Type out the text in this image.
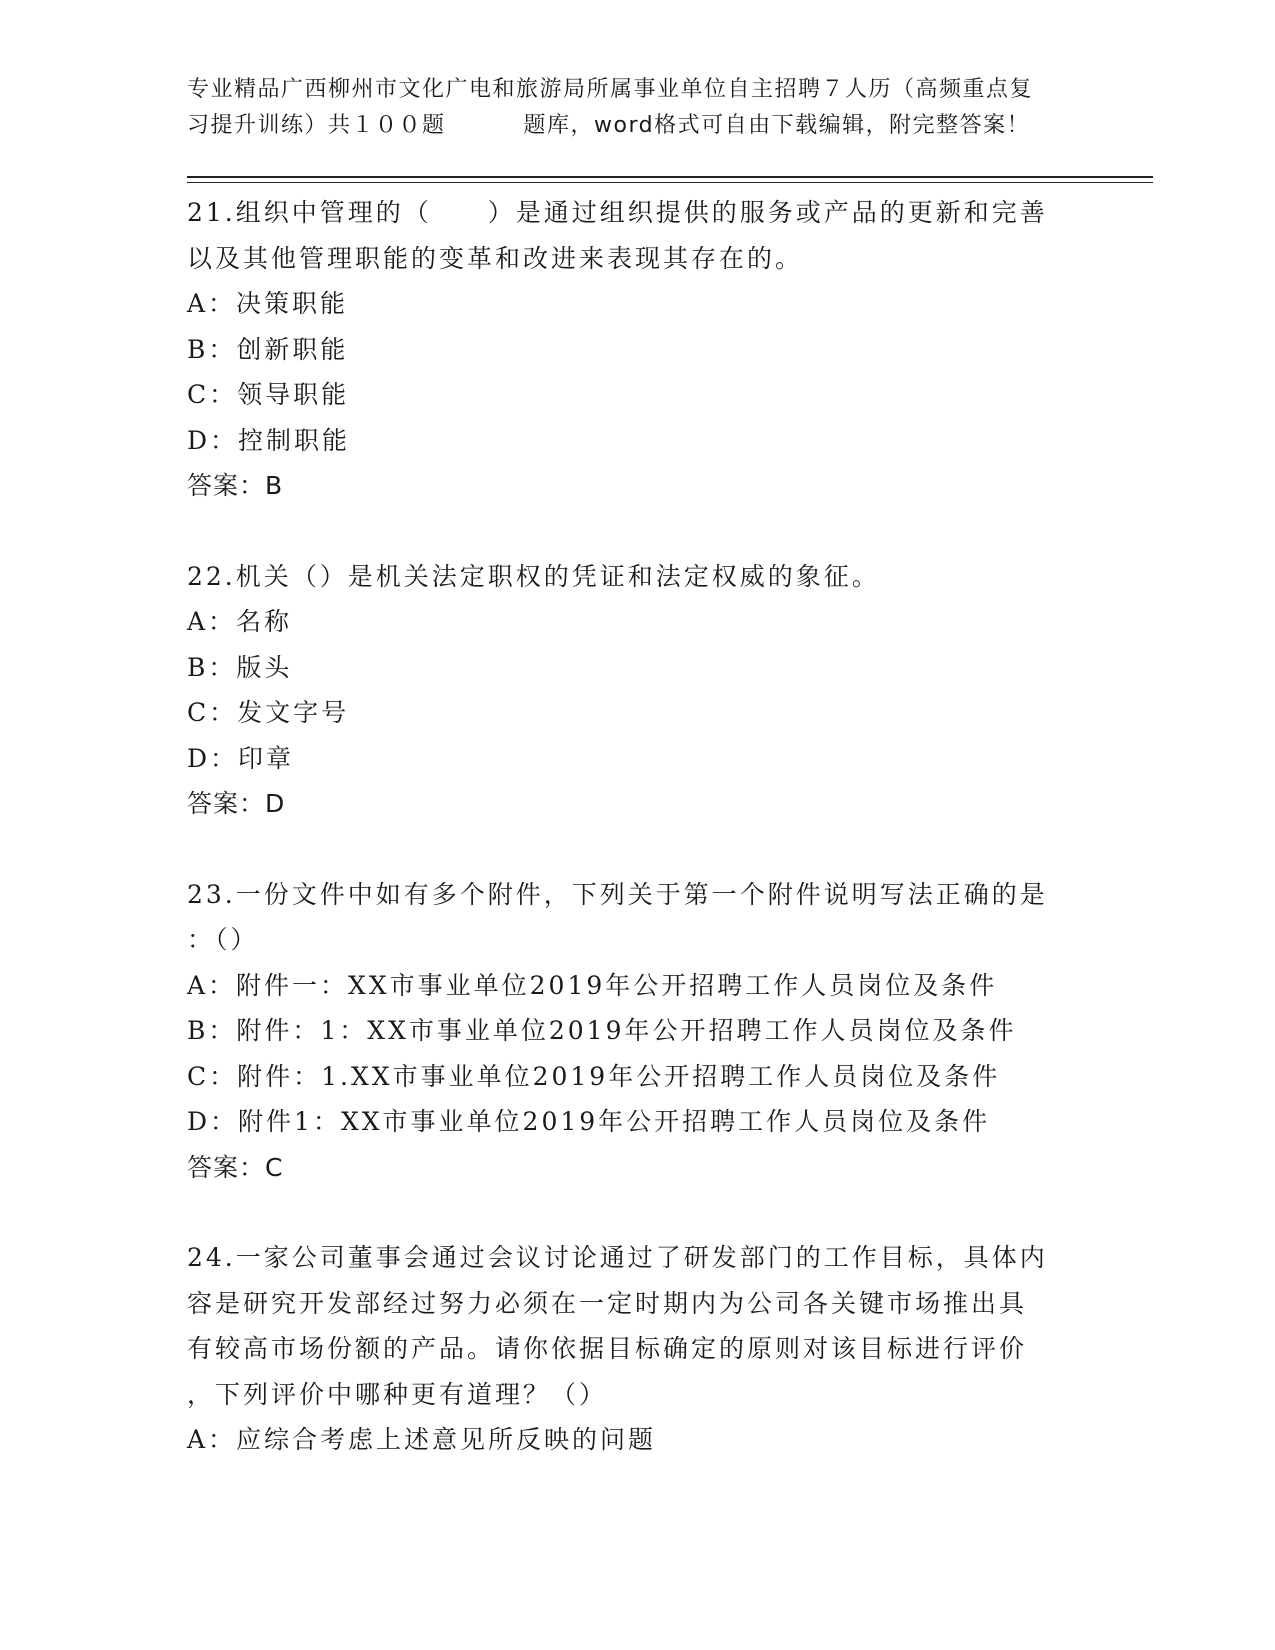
专业精品广西柳州市文化广电和旅游局所属事业单位自主招聘７人历（高频重点复
习提升训练）共１００题	题库，word格式可自由下载编辑，附完整答案！
21.组织中管理的（　　）是通过组织提供的服务或产品的更新和完善
以及其他管理职能的变革和改进来表现其存在的。
A：决策职能
B：创新职能
C：领导职能
D：控制职能
答案：B
22.机关（）是机关法定职权的凭证和法定权威的象征。
A：名称
B：版头
C：发文字号
D：印章
答案：D
23.一份文件中如有多个附件，下列关于第一个附件说明写法正确的是
：（）
A：附件一：XX市事业单位2019年公开招聘工作人员岗位及条件
B：附件：1：XX市事业单位2019年公开招聘工作人员岗位及条件
C：附件：1.XX市事业单位2019年公开招聘工作人员岗位及条件
D：附件1：XX市事业单位2019年公开招聘工作人员岗位及条件
答案：C
24.一家公司董事会通过会议讨论通过了研发部门的工作目标，具体内
容是研究开发部经过努力必须在一定时期内为公司各关键市场推出具
有较高市场份额的产品。请你依据目标确定的原则对该目标进行评价
，下列评价中哪种更有道理？（）
A：应综合考虑上述意见所反映的问题
